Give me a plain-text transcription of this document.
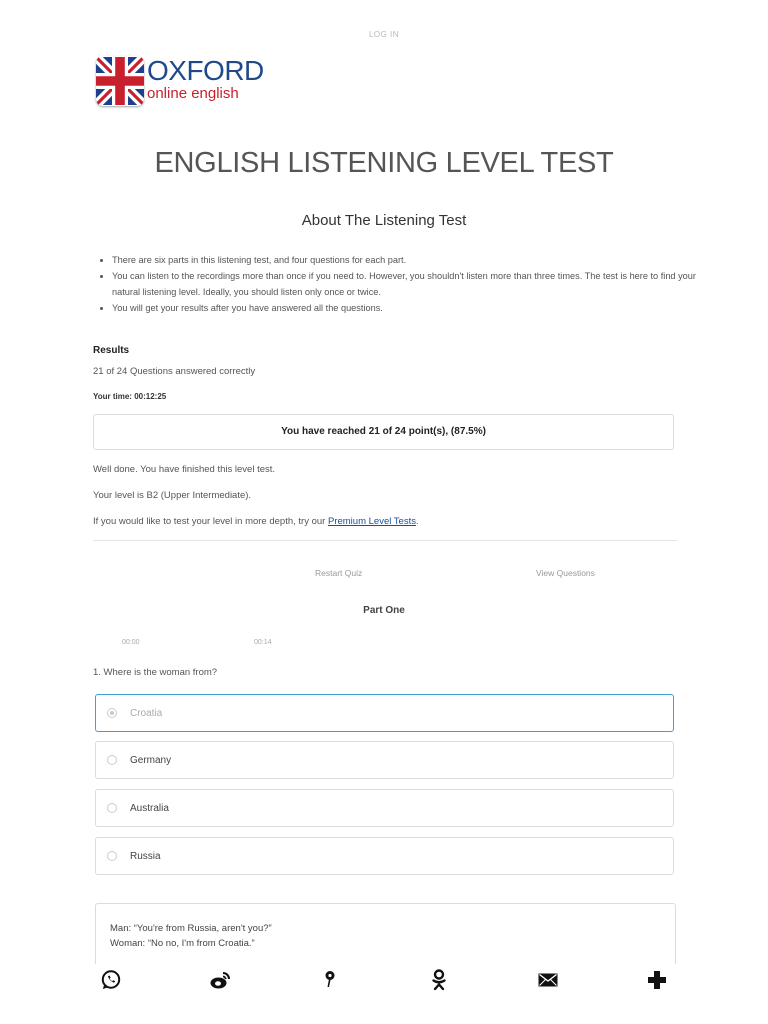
LOG IN
OXFORD
online english
ENGLISH LISTENING LEVEL TEST
About The Listening Test
• There are six parts in this listening test, and four questions for each part.
• You can listen to the recordings more than once if you need to. However, you shouldn't listen more than three times. The test is here to find your natural listening level. Ideally, you should listen only once or twice.
• You will get your results after you have answered all the questions.
Results
21 of 24 Questions answered correctly
Your time: 00:12:25
You have reached 21 of 24 point(s), (87.5%)
Well done. You have finished this level test.
Your level is B2 (Upper Intermediate).
If you would like to test your level in more depth, try our Premium Level Tests.
Restart Quiz	View Questions
Part One
00:00	00:14
1. Where is the woman from?
Croatia
Germany
Australia
Russia
Man: “You're from Russia, aren't you?”
Woman: “No no, I'm from Croatia.”
